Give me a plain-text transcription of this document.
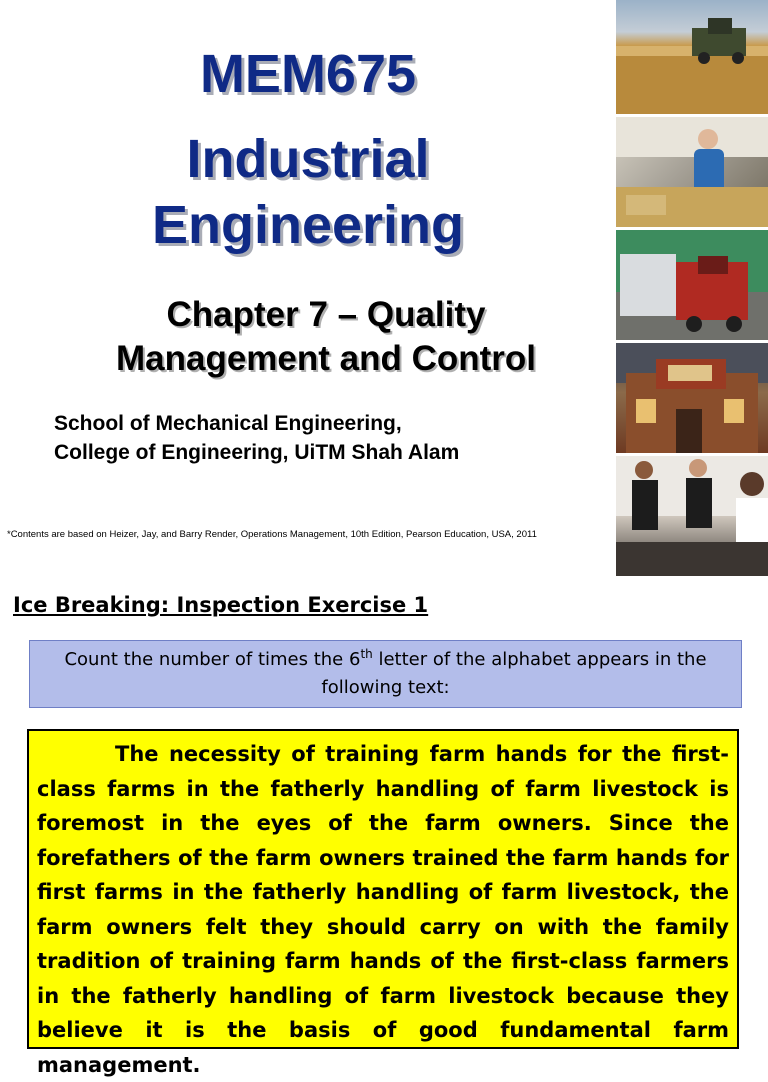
MEM675
Industrial
Engineering
Chapter 7 – Quality
Management and Control
School of Mechanical Engineering,
College of Engineering, UiTM Shah Alam
*Contents are based on Heizer, Jay, and Barry Render, Operations Management, 10th Edition, Pearson Education, USA, 2011
Ice Breaking: Inspection Exercise 1
Count the number of times the 6th letter of the alphabet appears in the following text:
The necessity of training farm hands for the first-class farms in the fatherly handling of farm livestock is foremost in the eyes of the farm owners. Since the forefathers of the farm owners trained the farm hands for first farms in the fatherly handling of farm livestock, the farm owners felt they should carry on with the family tradition of training farm hands of the first-class farmers in the fatherly handling of farm livestock because they believe it is the basis of good fundamental farm management.
